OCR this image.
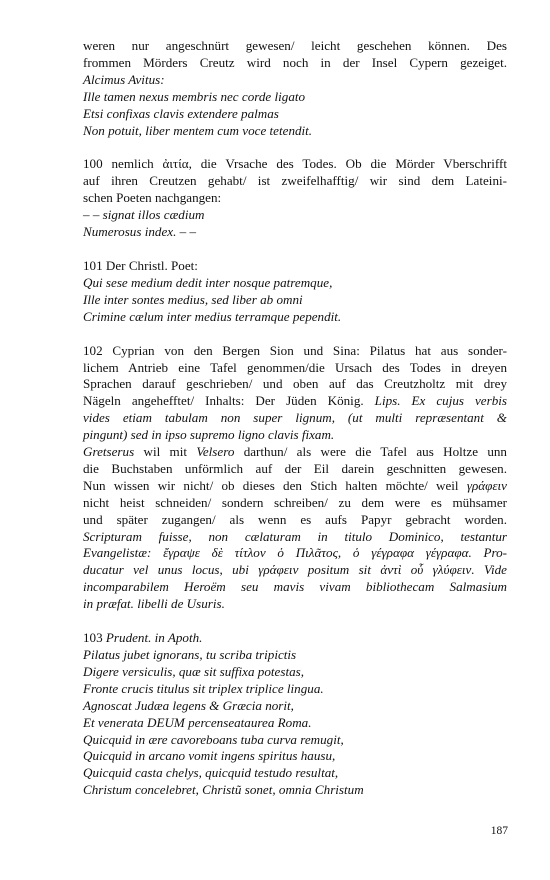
weren nur angeschnürt gewesen/ leicht geschehen können. Des
frommen Mörders Creutz wird noch in der Insel Cypern gezeiget.
Alcimus Avitus:
Ille tamen nexus membris nec corde ligato
Etsi confixas clavis extendere palmas
Non potuit, liber mentem cum voce tetendit.
100 nemlich ἀιτία, die Vrsache des Todes. Ob die Mörder Vberschrifft
auf ihren Creutzen gehabt/ ist zweifelhafftig/ wir sind dem Lateini-
schen Poeten nachgangen:
– – signat illos cædium
Numerosus index. – –
101 Der Christl. Poet:
Qui sese medium dedit inter nosque patremque,
Ille inter sontes medius, sed liber ab omni
Crimine cælum inter medius terramque pependit.
102 Cyprian von den Bergen Sion und Sina: Pilatus hat aus sonder-
lichem Antrieb eine Tafel genommen/die Ursach des Todes in dreyen
Sprachen darauf geschrieben/ und oben auf das Creutzholtz mit drey
Nägeln angehefftet/ Inhalts: Der Jüden König. Lips. Ex cujus verbis
vides etiam tabulam non super lignum, (ut multi repræsentant &
pingunt) sed in ipso supremo ligno clavis fixam.
Gretserus wil mit Velsero darthun/ als were die Tafel aus Holtze unn
die Buchstaben unförmlich auf der Eil darein geschnitten gewesen.
Nun wissen wir nicht/ ob dieses den Stich halten möchte/ weil γράφειν
nicht heist schneiden/ sondern schreiben/ zu dem were es mühsamer
und später zugangen/ als wenn es aufs Papyr gebracht worden.
Scripturam fuisse, non cælaturam in titulo Dominico, testantur
Evangelistæ: ἔγραψε δὲ τίτλον ὁ Πιλᾶτος, ὁ γέγραφα γέγραφα. Pro-
ducatur vel unus locus, ubi γράφειν positum sit ἀντὶ οὗ γλύφειν. Vide
incomparabilem Heroëm seu mavis vivam bibliothecam Salmasium
in præfat. libelli de Usuris.
103 Prudent. in Apoth.
Pilatus jubet ignorans, tu scriba tripictis
Digere versiculis, quæ sit suffixa potestas,
Fronte crucis titulus sit triplex triplice lingua.
Agnoscat Judæa legens & Græcia norit,
Et venerata DEUM percenseataurea Roma.
Quicquid in ære cavoreboans tuba curva remugit,
Quicquid in arcano vomit ingens spiritus hausu,
Quicquid casta chelys, quicquid testudo resultat,
Christum concelebret, Christũ sonet, omnia Christum
187
